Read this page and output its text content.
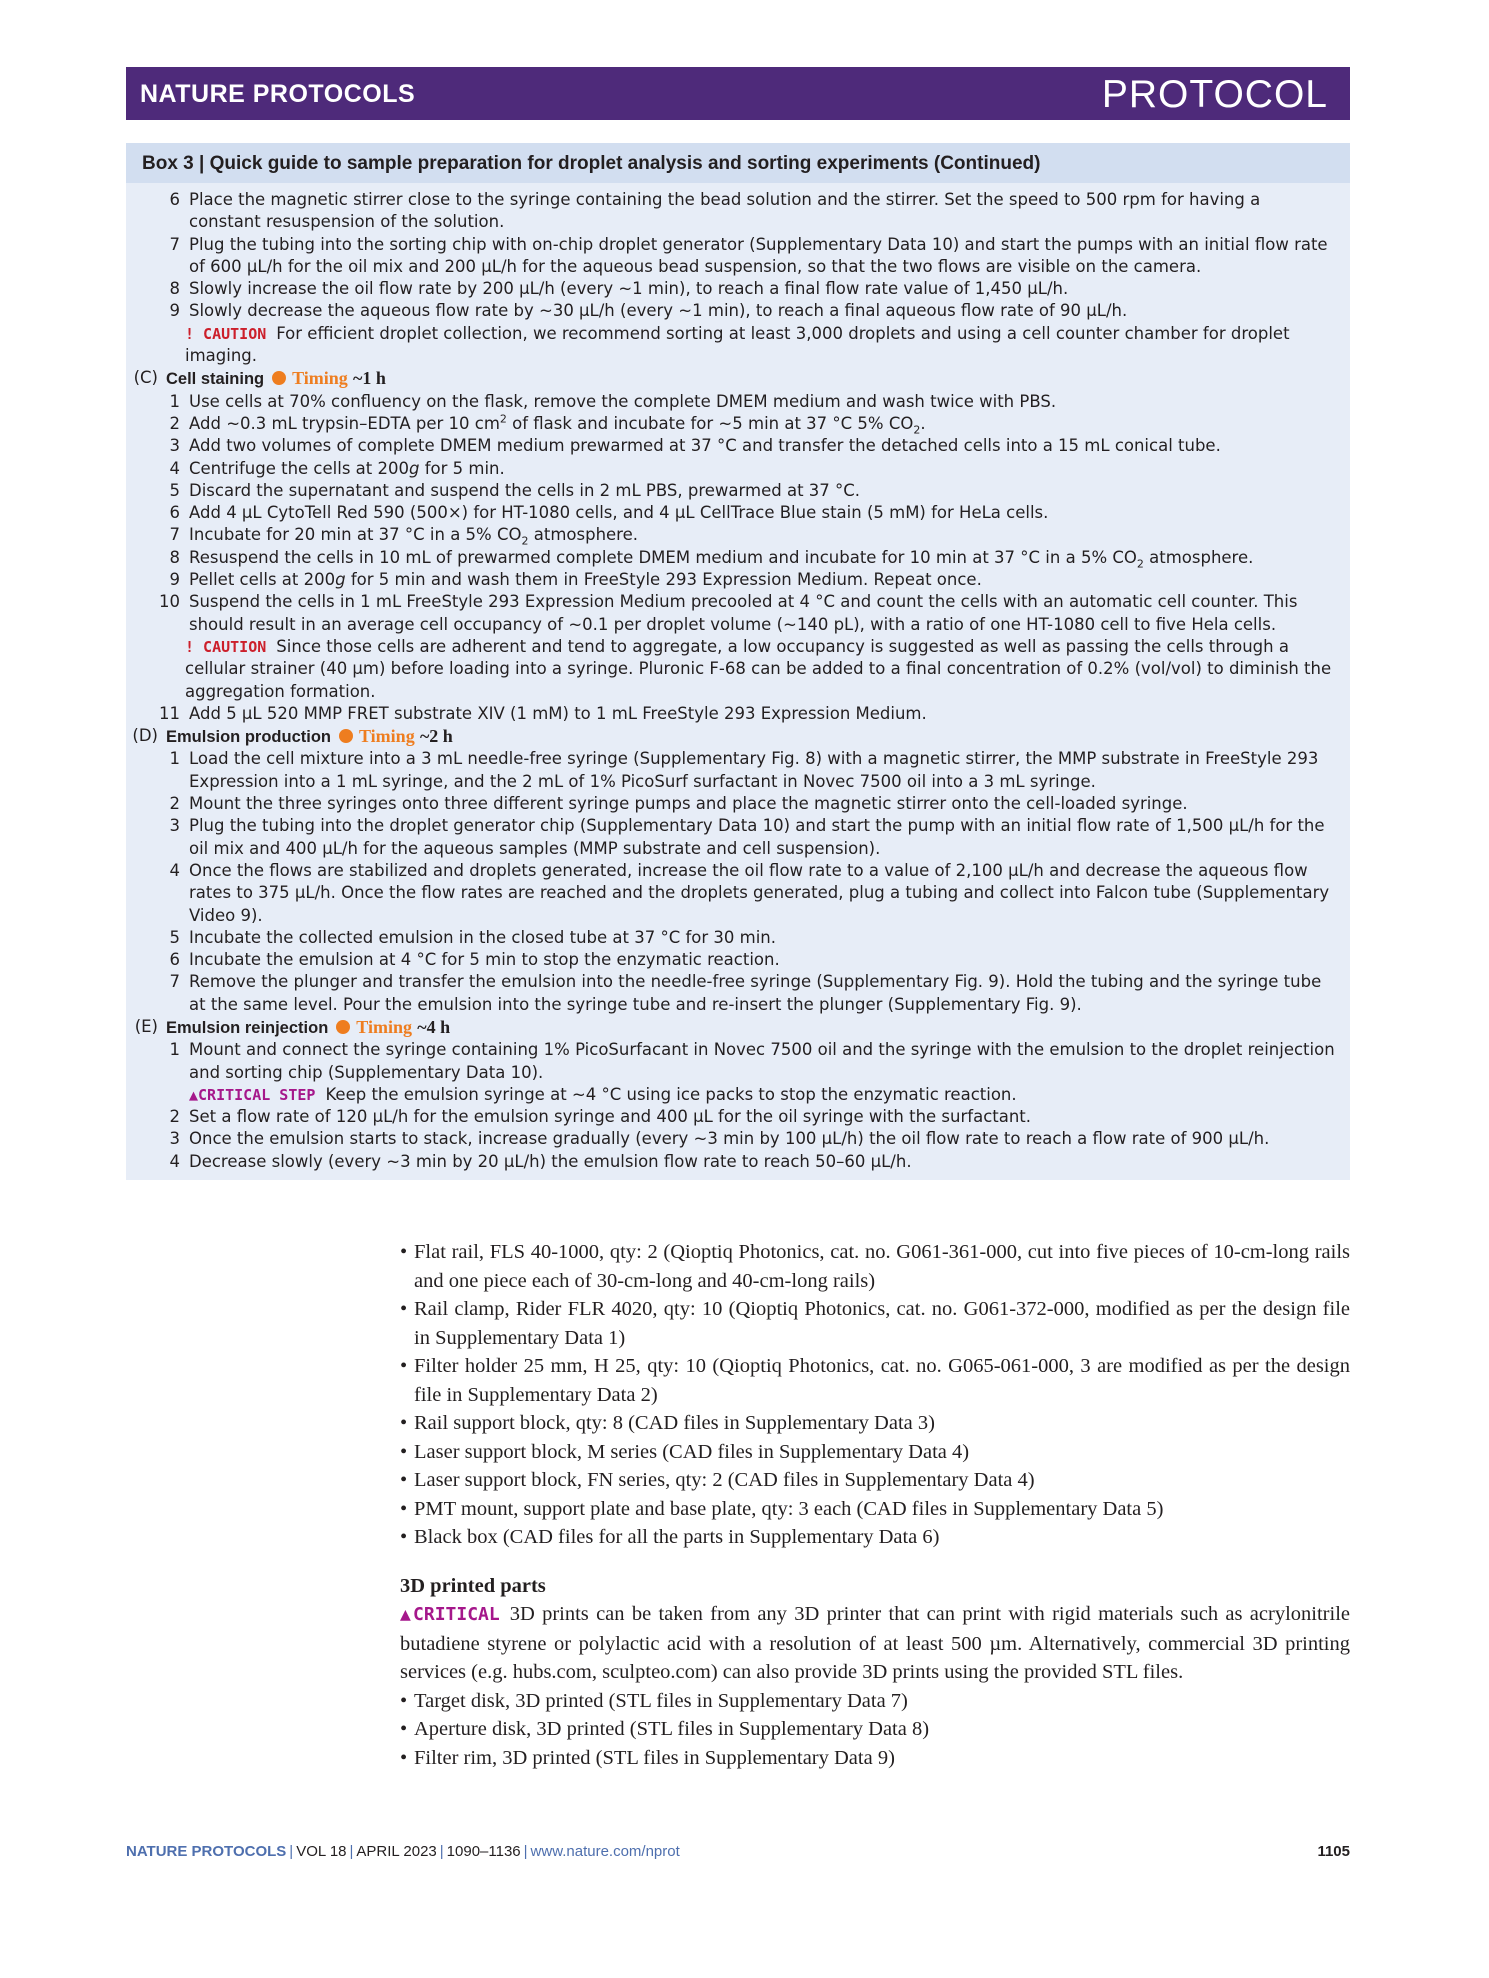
NATURE PROTOCOLS	PROTOCOL
Box 3 | Quick guide to sample preparation for droplet analysis and sorting experiments (Continued)
6 Place the magnetic stirrer close to the syringe containing the bead solution and the stirrer. Set the speed to 500 rpm for having a constant resuspension of the solution.
7 Plug the tubing into the sorting chip with on-chip droplet generator (Supplementary Data 10) and start the pumps with an initial flow rate of 600 µL/h for the oil mix and 200 µL/h for the aqueous bead suspension, so that the two flows are visible on the camera.
8 Slowly increase the oil flow rate by 200 µL/h (every ~1 min), to reach a final flow rate value of 1,450 µL/h.
9 Slowly decrease the aqueous flow rate by ~30 µL/h (every ~1 min), to reach a final aqueous flow rate of 90 µL/h.
! CAUTION For efficient droplet collection, we recommend sorting at least 3,000 droplets and using a cell counter chamber for droplet imaging.
(C) Cell staining Timing ~1 h
1 Use cells at 70% confluency on the flask, remove the complete DMEM medium and wash twice with PBS.
2 Add ~0.3 mL trypsin–EDTA per 10 $cm^2$ of flask and incubate for ~5 min at 37 °C 5% $CO_2$.
3 Add two volumes of complete DMEM medium prewarmed at 37 °C and transfer the detached cells into a 15 mL conical tube.
4 Centrifuge the cells at 200g for 5 min.
5 Discard the supernatant and suspend the cells in 2 mL PBS, prewarmed at 37 °C.
6 Add 4 µL CytoTell Red 590 (500×) for HT-1080 cells, and 4 µL CellTrace Blue stain (5 mM) for HeLa cells.
7 Incubate for 20 min at 37 °C in a 5% $CO_2$ atmosphere.
8 Resuspend the cells in 10 mL of prewarmed complete DMEM medium and incubate for 10 min at 37 °C in a 5% $CO_2$ atmosphere.
9 Pellet cells at 200g for 5 min and wash them in FreeStyle 293 Expression Medium. Repeat once.
10 Suspend the cells in 1 mL FreeStyle 293 Expression Medium precooled at 4 °C and count the cells with an automatic cell counter. This should result in an average cell occupancy of ~0.1 per droplet volume (~140 pL), with a ratio of one HT-1080 cell to five Hela cells.
! CAUTION Since those cells are adherent and tend to aggregate, a low occupancy is suggested as well as passing the cells through a cellular strainer (40 µm) before loading into a syringe. Pluronic F-68 can be added to a final concentration of 0.2% (vol/vol) to diminish the aggregation formation.
11 Add 5 µL 520 MMP FRET substrate XIV (1 mM) to 1 mL FreeStyle 293 Expression Medium.
(D) Emulsion production Timing ~2 h
1 Load the cell mixture into a 3 mL needle-free syringe (Supplementary Fig. 8) with a magnetic stirrer, the MMP substrate in FreeStyle 293 Expression into a 1 mL syringe, and the 2 mL of 1% PicoSurf surfactant in Novec 7500 oil into a 3 mL syringe.
2 Mount the three syringes onto three different syringe pumps and place the magnetic stirrer onto the cell-loaded syringe.
3 Plug the tubing into the droplet generator chip (Supplementary Data 10) and start the pump with an initial flow rate of 1,500 µL/h for the oil mix and 400 µL/h for the aqueous samples (MMP substrate and cell suspension).
4 Once the flows are stabilized and droplets generated, increase the oil flow rate to a value of 2,100 µL/h and decrease the aqueous flow rates to 375 µL/h. Once the flow rates are reached and the droplets generated, plug a tubing and collect into Falcon tube (Supplementary Video 9).
5 Incubate the collected emulsion in the closed tube at 37 °C for 30 min.
6 Incubate the emulsion at 4 °C for 5 min to stop the enzymatic reaction.
7 Remove the plunger and transfer the emulsion into the needle-free syringe (Supplementary Fig. 9). Hold the tubing and the syringe tube at the same level. Pour the emulsion into the syringe tube and re-insert the plunger (Supplementary Fig. 9).
(E) Emulsion reinjection Timing ~4 h
1 Mount and connect the syringe containing 1% PicoSurfacant in Novec 7500 oil and the syringe with the emulsion to the droplet reinjection and sorting chip (Supplementary Data 10).
▲CRITICAL STEP Keep the emulsion syringe at ~4 °C using ice packs to stop the enzymatic reaction.
2 Set a flow rate of 120 µL/h for the emulsion syringe and 400 µL for the oil syringe with the surfactant.
3 Once the emulsion starts to stack, increase gradually (every ~3 min by 100 µL/h) the oil flow rate to reach a flow rate of 900 µL/h.
4 Decrease slowly (every ~3 min by 20 µL/h) the emulsion flow rate to reach 50–60 µL/h.
• Flat rail, FLS 40-1000, qty: 2 (Qioptiq Photonics, cat. no. G061-361-000, cut into five pieces of 10-cm-long rails and one piece each of 30-cm-long and 40-cm-long rails)
• Rail clamp, Rider FLR 4020, qty: 10 (Qioptiq Photonics, cat. no. G061-372-000, modified as per the design file in Supplementary Data 1)
• Filter holder 25 mm, H 25, qty: 10 (Qioptiq Photonics, cat. no. G065-061-000, 3 are modified as per the design file in Supplementary Data 2)
• Rail support block, qty: 8 (CAD files in Supplementary Data 3)
• Laser support block, M series (CAD files in Supplementary Data 4)
• Laser support block, FN series, qty: 2 (CAD files in Supplementary Data 4)
• PMT mount, support plate and base plate, qty: 3 each (CAD files in Supplementary Data 5)
• Black box (CAD files for all the parts in Supplementary Data 6)
3D printed parts
▲CRITICAL 3D prints can be taken from any 3D printer that can print with rigid materials such as acrylonitrile butadiene styrene or polylactic acid with a resolution of at least 500 µm. Alternatively, commercial 3D printing services (e.g. hubs.com, sculpteo.com) can also provide 3D prints using the provided STL files.
• Target disk, 3D printed (STL files in Supplementary Data 7)
• Aperture disk, 3D printed (STL files in Supplementary Data 8)
• Filter rim, 3D printed (STL files in Supplementary Data 9)
NATURE PROTOCOLS | VOL 18 | APRIL 2023 | 1090–1136 | www.nature.com/nprot	1105
